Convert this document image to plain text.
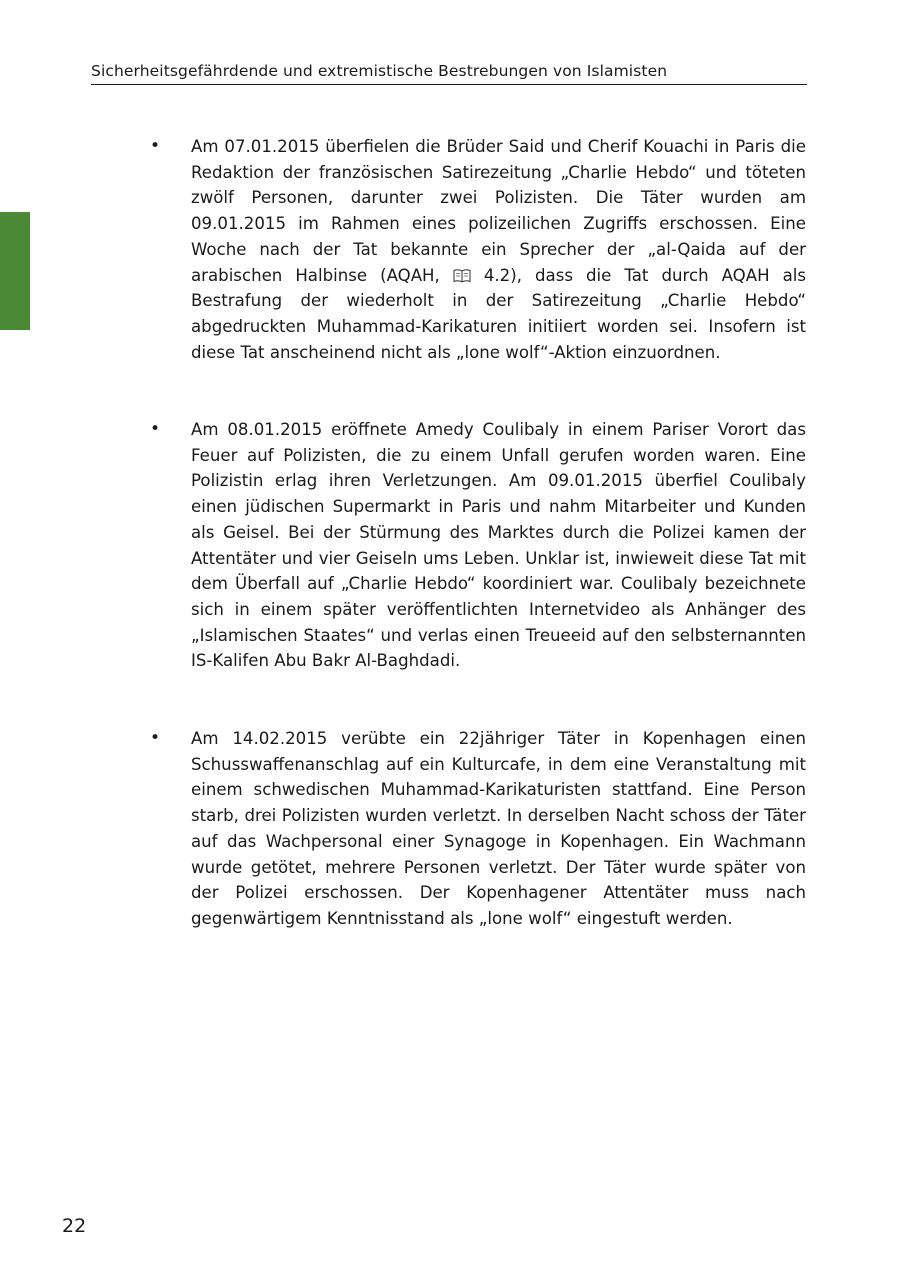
Sicherheitsgefährdende und extremistische Bestrebungen von Islamisten
• Am 07.01.2015 überfielen die Brüder Said und Cherif Kouachi in Paris die Redaktion der französischen Satirezeitung „Charlie Hebdo“ und töteten zwölf Personen, darunter zwei Polizisten. Die Täter wurden am 09.01.2015 im Rahmen eines polizeilichen Zugriffs erschossen. Eine Woche nach der Tat bekannte ein Sprecher der „al-Qaida auf der arabischen Halbinse (AQAH,  4.2), dass die Tat durch AQAH als Bestrafung der wiederholt in der Satirezeitung „Charlie Hebdo“ abgedruckten Muhammad-Karikaturen initiiert worden sei. Insofern ist diese Tat anscheinend nicht als „lone wolf“-Aktion einzuordnen.

• Am 08.01.2015 eröffnete Amedy Coulibaly in einem Pariser Vorort das Feuer auf Polizisten, die zu einem Unfall gerufen worden waren. Eine Polizistin erlag ihren Verletzungen. Am 09.01.2015 überfiel Coulibaly einen jüdischen Supermarkt in Paris und nahm Mitarbeiter und Kunden als Geisel. Bei der Stürmung des Marktes durch die Polizei kamen der Attentäter und vier Geiseln ums Leben. Unklar ist, inwieweit diese Tat mit dem Überfall auf „Charlie Hebdo“ koordiniert war. Coulibaly bezeichnete sich in einem später veröffentlichten Internetvideo als Anhänger des „Islamischen Staates“ und verlas einen Treueeid auf den selbsternannten IS-Kalifen Abu Bakr Al-Baghdadi.

• Am 14.02.2015 verübte ein 22jähriger Täter in Kopenhagen einen Schusswaffenanschlag auf ein Kulturcafe, in dem eine Veranstaltung mit einem schwedischen Muhammad-Karikaturisten stattfand. Eine Person starb, drei Polizisten wurden verletzt. In derselben Nacht schoss der Täter auf das Wachpersonal einer Synagoge in Kopenhagen. Ein Wachmann wurde getötet, mehrere Personen verletzt. Der Täter wurde später von der Polizei erschossen. Der Kopenhagener Attentäter muss nach gegenwärtigem Kenntnisstand als „lone wolf“ eingestuft werden.

22
